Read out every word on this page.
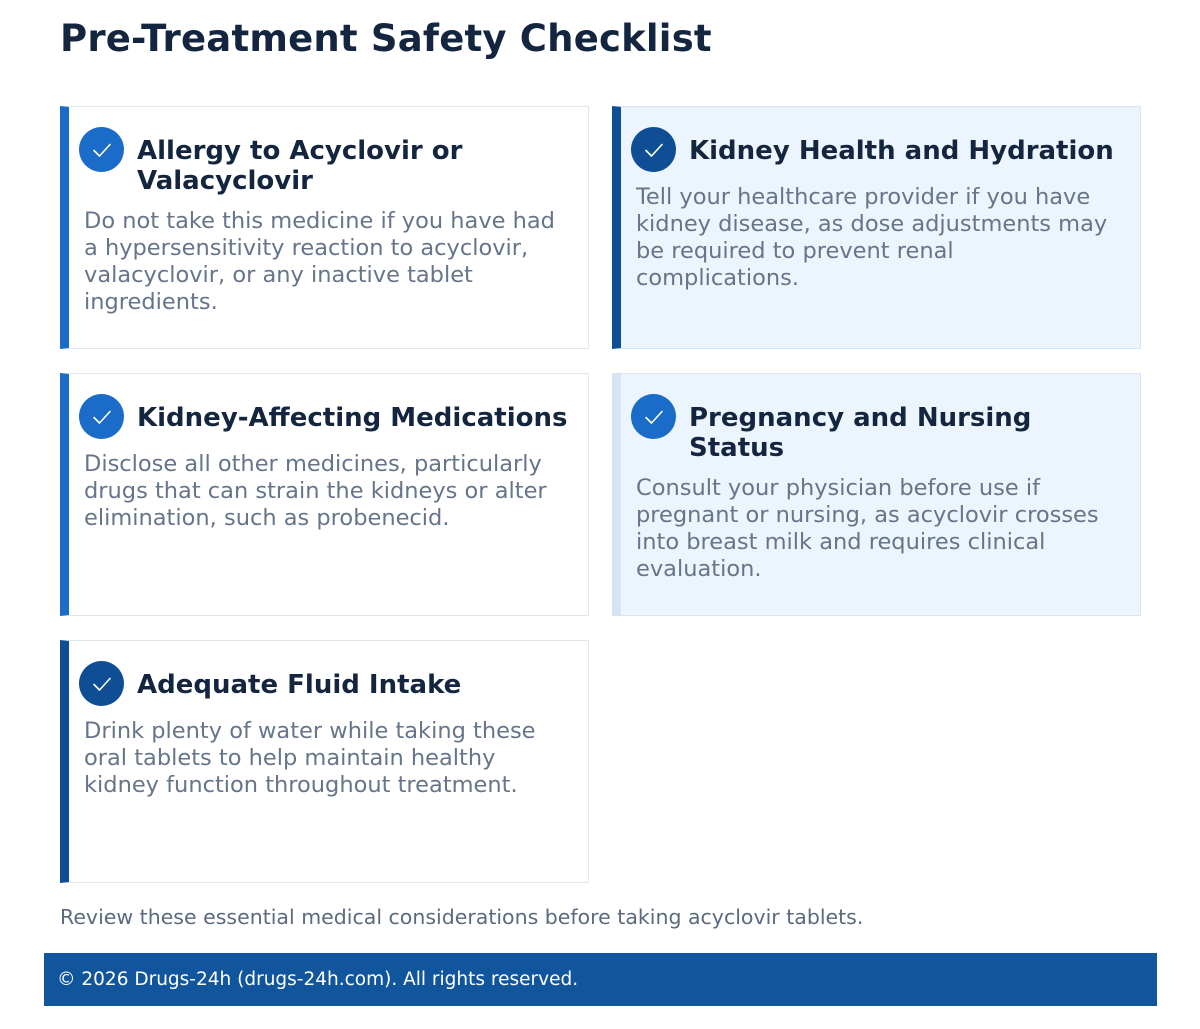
Pre-Treatment Safety Checklist
Allergy to Acyclovir or Valacyclovir

Do not take this medicine if you have had a hypersensitivity reaction to acyclovir, valacyclovir, or any inactive tablet ingredients.

Kidney Health and Hydration

Tell your healthcare provider if you have kidney disease, as dose adjustments may be required to prevent renal complications.

Kidney-Affecting Medications

Disclose all other medicines, particularly drugs that can strain the kidneys or alter elimination, such as probenecid.

Pregnancy and Nursing Status

Consult your physician before use if pregnant or nursing, as acyclovir crosses into breast milk and requires clinical evaluation.

Adequate Fluid Intake

Drink plenty of water while taking these oral tablets to help maintain healthy kidney function throughout treatment.

Review these essential medical considerations before taking acyclovir tablets.

© 2026 Drugs-24h (drugs-24h.com). All rights reserved.
